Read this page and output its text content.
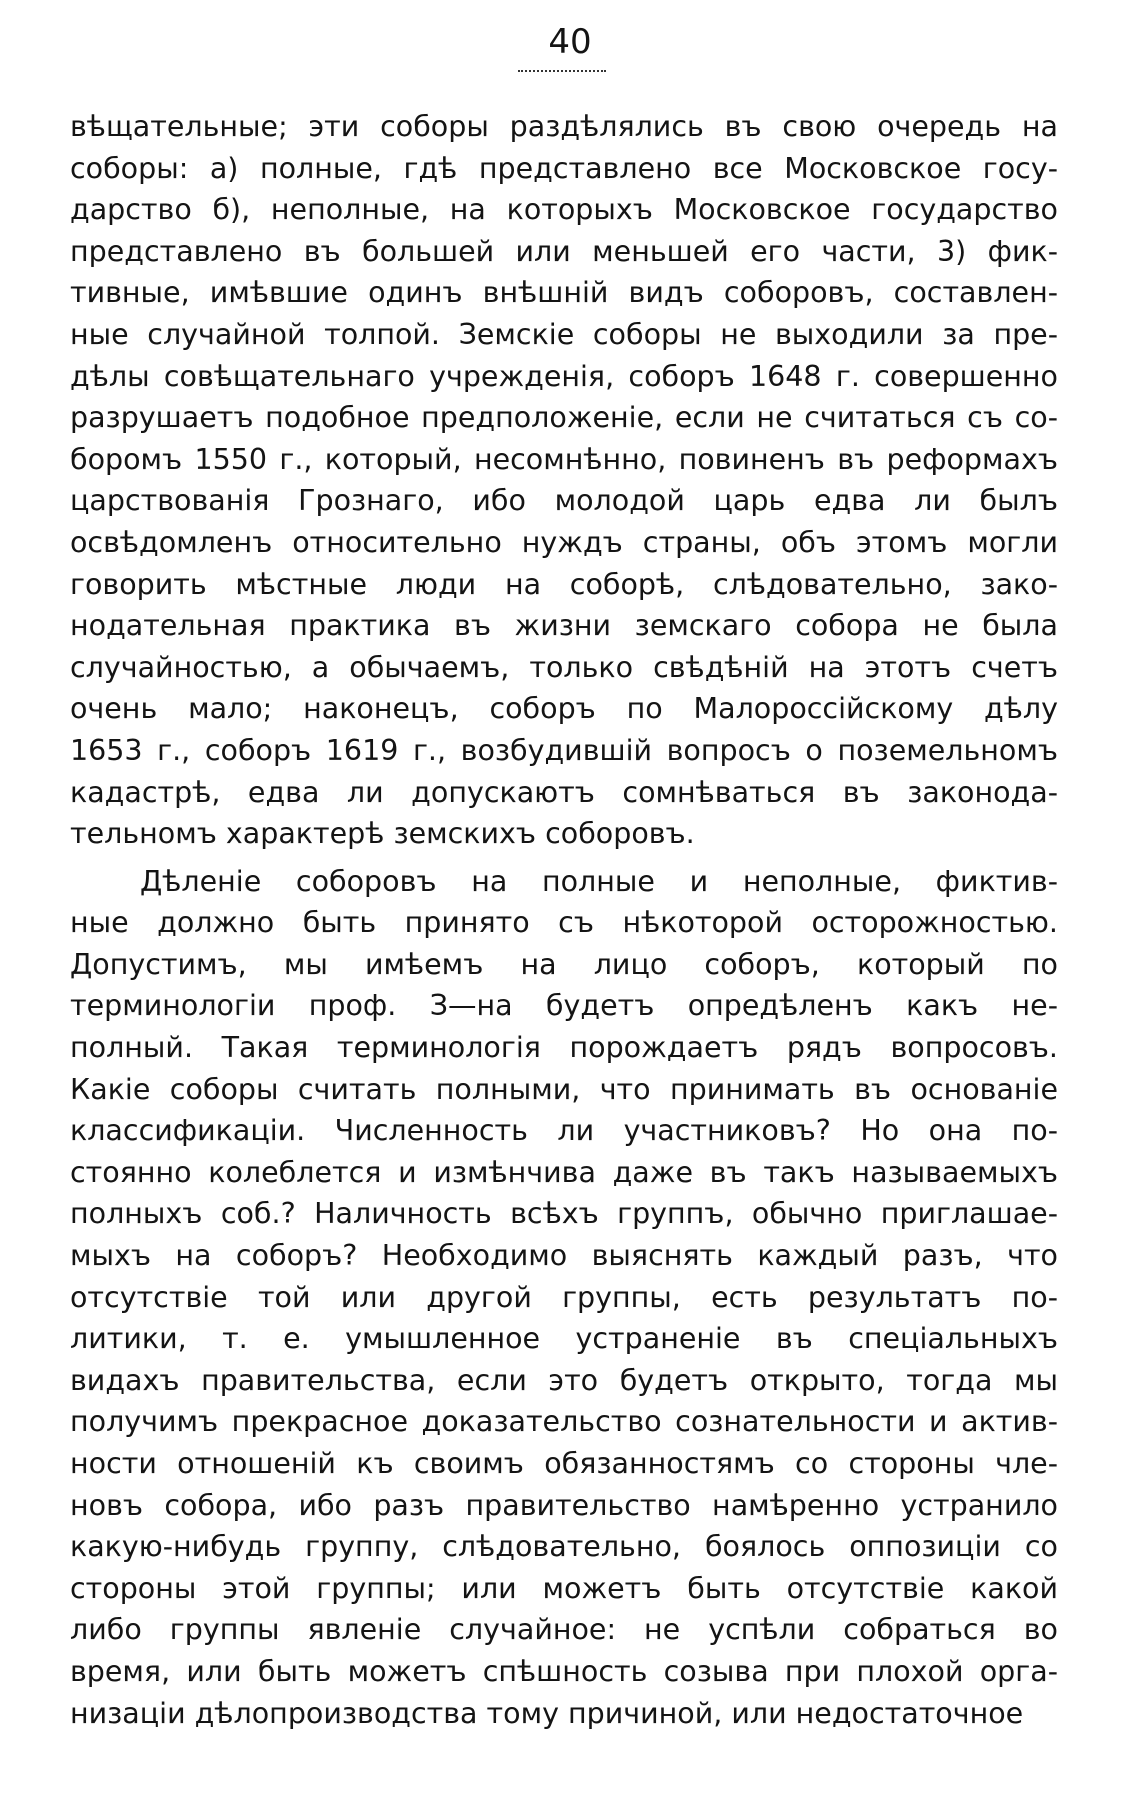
40
вѣщательные; эти соборы раздѣлялись въ свою очередь на
соборы: а) полные, гдѣ представлено все Московское госу-
дарство б), неполные, на которыхъ Московское государство
представлено въ большей или меньшей его части, 3) фик-
тивные, имѣвшие одинъ внѣшній видъ соборовъ, составлен-
ные случайной толпой. Земскіе соборы не выходили за пре-
дѣлы совѣщательнаго учрежденія, соборъ 1648 г. совершенно
разрушаетъ подобное предположеніе, если не считаться съ со-
боромъ 1550 г., который, несомнѣнно, повиненъ въ реформахъ
царствованія Грознаго, ибо молодой царь едва ли былъ
освѣдомленъ относительно нуждъ страны, объ этомъ могли
говорить мѣстные люди на соборѣ, слѣдовательно, зако-
нодательная практика въ жизни земскаго собора не была
случайностью, а обычаемъ, только свѣдѣній на этотъ счетъ
очень мало; наконецъ, соборъ по Малороссійскому дѣлу
1653 г., соборъ 1619 г., возбудившій вопросъ о поземельномъ
кадастрѣ, едва ли допускаютъ сомнѣваться въ законода-
тельномъ характерѣ земскихъ соборовъ.
Дѣленіе соборовъ на полные и неполные, фиктив-
ные должно быть принято съ нѣкоторой осторожностью.
Допустимъ, мы имѣемъ на лицо соборъ, который по
терминологіи проф. З—на будетъ опредѣленъ какъ не-
полный. Такая терминологія порождаетъ рядъ вопросовъ.
Какіе соборы считать полными, что принимать въ основаніе
классификаціи. Численность ли участниковъ? Но она по-
стоянно колеблется и измѣнчива даже въ такъ называемыхъ
полныхъ соб.? Наличность всѣхъ группъ, обычно приглашае-
мыхъ на соборъ? Необходимо выяснять каждый разъ, что
отсутствіе той или другой группы, есть результатъ по-
литики, т. е. умышленное устраненіе въ спеціальныхъ
видахъ правительства, если это будетъ открыто, тогда мы
получимъ прекрасное доказательство сознательности и актив-
ности отношеній къ своимъ обязанностямъ со стороны чле-
новъ собора, ибо разъ правительство намѣренно устранило
какую-нибудь группу, слѣдовательно, боялось оппозиціи со
стороны этой группы; или можетъ быть отсутствіе какой
либо группы явленіе случайное: не успѣли собраться во
время, или быть можетъ спѣшность созыва при плохой орга-
низаціи дѣлопроизводства тому причиной, или недостаточное
